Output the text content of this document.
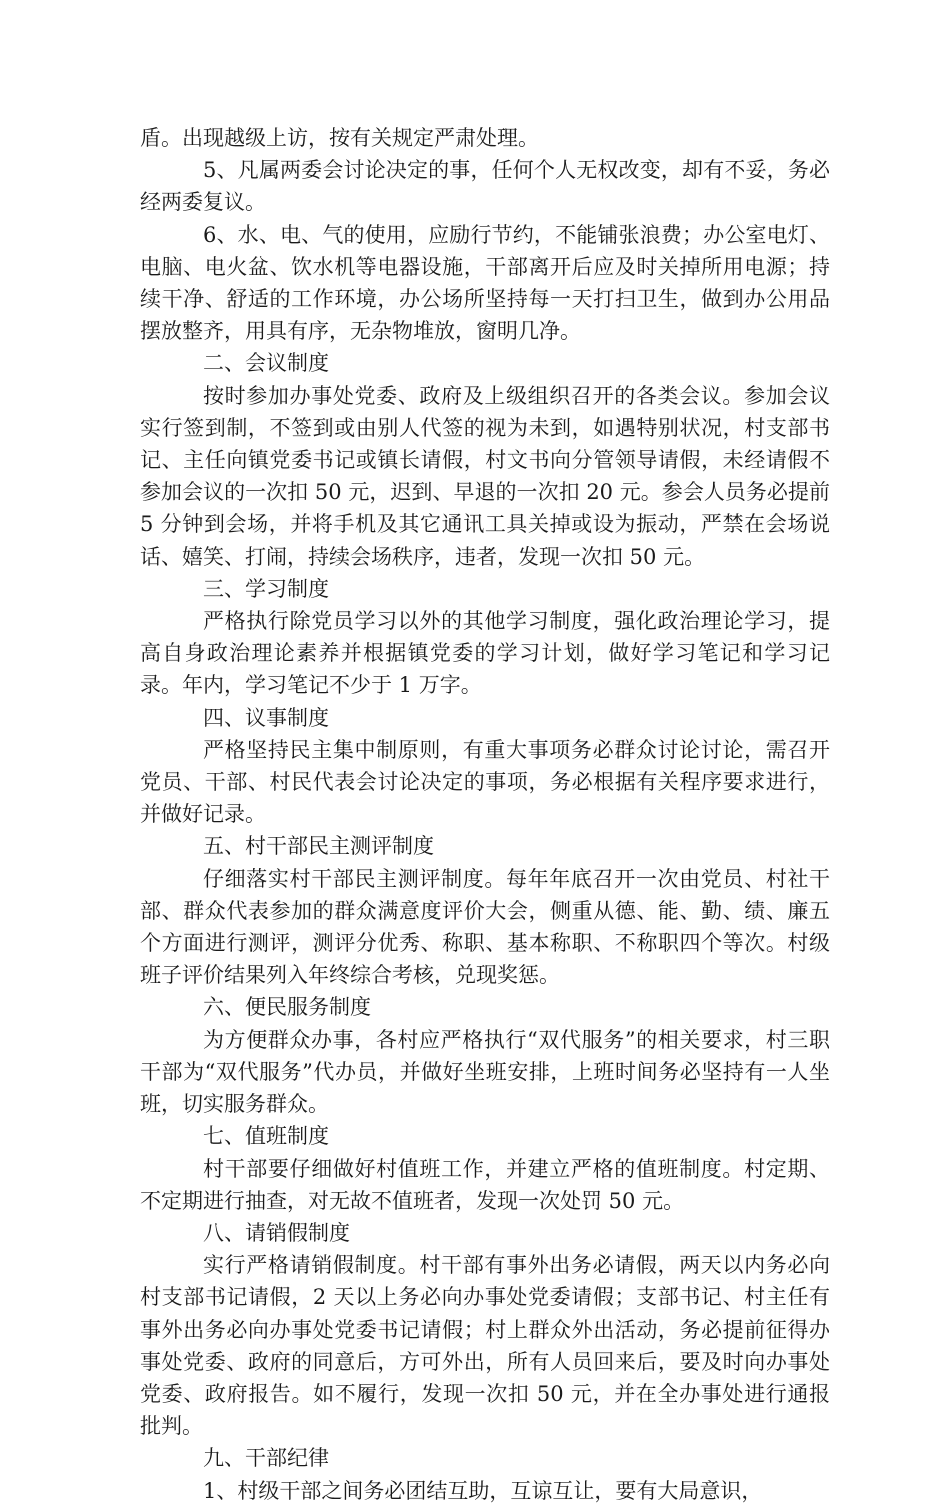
盾。出现越级上访，按有关规定严肃处理。

5、凡属两委会讨论决定的事，任何个人无权改变，却有不妥，务必经两委复议。

6、水、电、气的使用，应励行节约，不能铺张浪费；办公室电灯、电脑、电火盆、饮水机等电器设施，干部离开后应及时关掉所用电源；持续干净、舒适的工作环境，办公场所坚持每一天打扫卫生，做到办公用品摆放整齐，用具有序，无杂物堆放，窗明几净。

二、会议制度

按时参加办事处党委、政府及上级组织召开的各类会议。参加会议实行签到制，不签到或由别人代签的视为未到，如遇特别状况，村支部书记、主任向镇党委书记或镇长请假，村文书向分管领导请假，未经请假不参加会议的一次扣 50 元，迟到、早退的一次扣 20 元。参会人员务必提前 5 分钟到会场，并将手机及其它通讯工具关掉或设为振动，严禁在会场说话、嬉笑、打闹，持续会场秩序，违者，发现一次扣 50 元。

三、学习制度

严格执行除党员学习以外的其他学习制度，强化政治理论学习，提高自身政治理论素养并根据镇党委的学习计划，做好学习笔记和学习记录。年内，学习笔记不少于 1 万字。

四、议事制度

严格坚持民主集中制原则，有重大事项务必群众讨论讨论，需召开党员、干部、村民代表会讨论决定的事项，务必根据有关程序要求进行，并做好记录。

五、村干部民主测评制度

仔细落实村干部民主测评制度。每年年底召开一次由党员、村社干部、群众代表参加的群众满意度评价大会，侧重从德、能、勤、绩、廉五个方面进行测评，测评分优秀、称职、基本称职、不称职四个等次。村级班子评价结果列入年终综合考核，兑现奖惩。

六、便民服务制度

为方便群众办事，各村应严格执行“双代服务”的相关要求，村三职干部为“双代服务”代办员，并做好坐班安排，上班时间务必坚持有一人坐班，切实服务群众。

七、值班制度

村干部要仔细做好村值班工作，并建立严格的值班制度。村定期、不定期进行抽查，对无故不值班者，发现一次处罚 50 元。

八、请销假制度

实行严格请销假制度。村干部有事外出务必请假，两天以内务必向村支部书记请假，2 天以上务必向办事处党委请假；支部书记、村主任有事外出务必向办事处党委书记请假；村上群众外出活动，务必提前征得办事处党委、政府的同意后，方可外出，所有人员回来后，要及时向办事处党委、政府报告。如不履行，发现一次扣 50 元，并在全办事处进行通报批判。

九、干部纪律

1、村级干部之间务必团结互助，互谅互让，要有大局意识，
